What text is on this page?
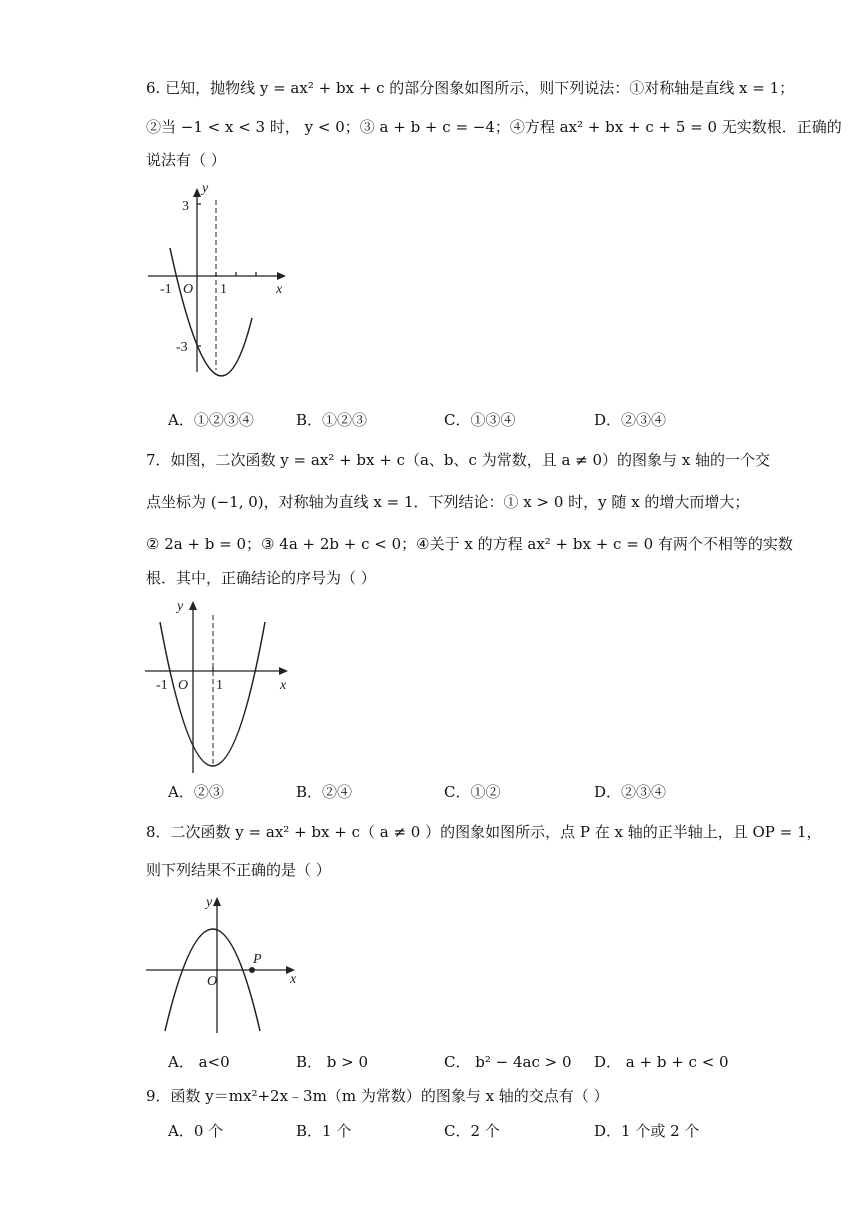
6. 已知，抛物线 y = ax² + bx + c 的部分图象如图所示，则下列说法：①对称轴是直线 x = 1；
②当 −1 < x < 3 时， y < 0；③ a + b + c = −4；④方程 ax² + bx + c + 5 = 0 无实数根．正确的
说法有（ ）
y
x
3
-3
-1 O 1
A．①②③④	B．①②③	C．①③④	D．②③④
7．如图，二次函数 y = ax² + bx + c（a、b、c 为常数，且 a ≠ 0）的图象与 x 轴的一个交
点坐标为 (−1, 0)，对称轴为直线 x = 1．下列结论：① x > 0 时，y 随 x 的增大而增大；
② 2a + b = 0；③ 4a + 2b + c < 0；④关于 x 的方程 ax² + bx + c = 0 有两个不相等的实数
根．其中，正确结论的序号为（ ）
y
x
-1 O 1
A．②③	B．②④	C．①②	D．②③④
8．二次函数 y = ax² + bx + c（ a ≠ 0 ）的图象如图所示，点 P 在 x 轴的正半轴上，且 OP = 1，
则下列结果不正确的是（ ）
y
x
O
P
A． a<0	B． b > 0	C． b² − 4ac > 0 D． a + b + c < 0
9．函数 y＝mx²+2x﹣3m（m 为常数）的图象与 x 轴的交点有（ ）
A．0 个	B．1 个	C．2 个	D．1 个或 2 个
